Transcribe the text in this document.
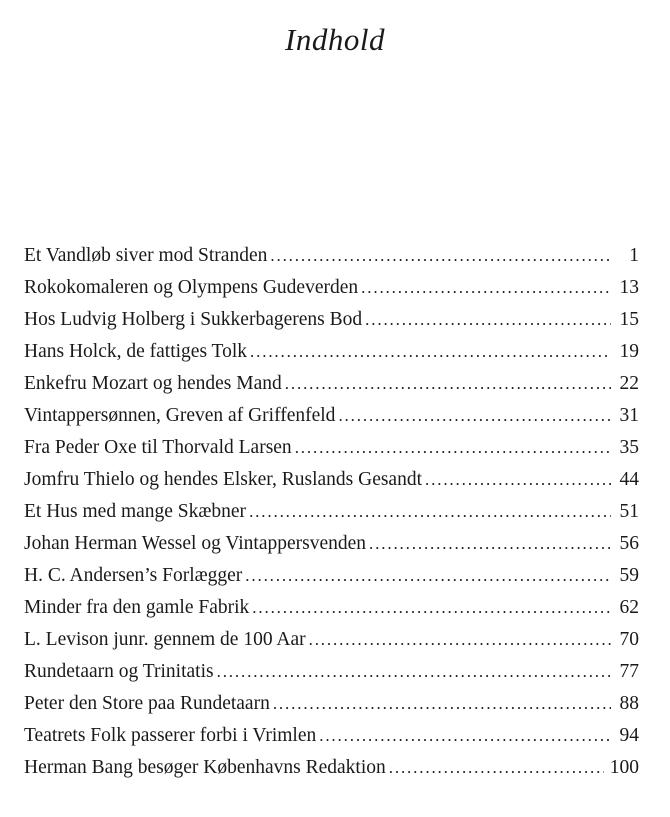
Indhold
Et Vandløb siver mod Stranden . . .	1
Rokokomaleren og Olympens Gudeverden . . .	13
Hos Ludvig Holberg i Sukkerbagerens Bod . . .	15
Hans Holck, de fattiges Tolk . . .	19
Enkefru Mozart og hendes Mand . . .	22
Vintappersønnen, Greven af Griffenfeld . . .	31
Fra Peder Oxe til Thorvald Larsen . . .	35
Jomfru Thielo og hendes Elsker, Ruslands Gesandt . . .	44
Et Hus med mange Skæbner . . .	51
Johan Herman Wessel og Vintappersvenden . . .	56
H. C. Andersen’s Forlægger . . .	59
Minder fra den gamle Fabrik . . .	62
L. Levison junr. gennem de 100 Aar . . .	70
Rundetaarn og Trinitatis . . .	77
Peter den Store paa Rundetaarn . . .	88
Teatrets Folk passerer forbi i Vrimlen . . .	94
Herman Bang besøger Københavns Redaktion . . .	100
